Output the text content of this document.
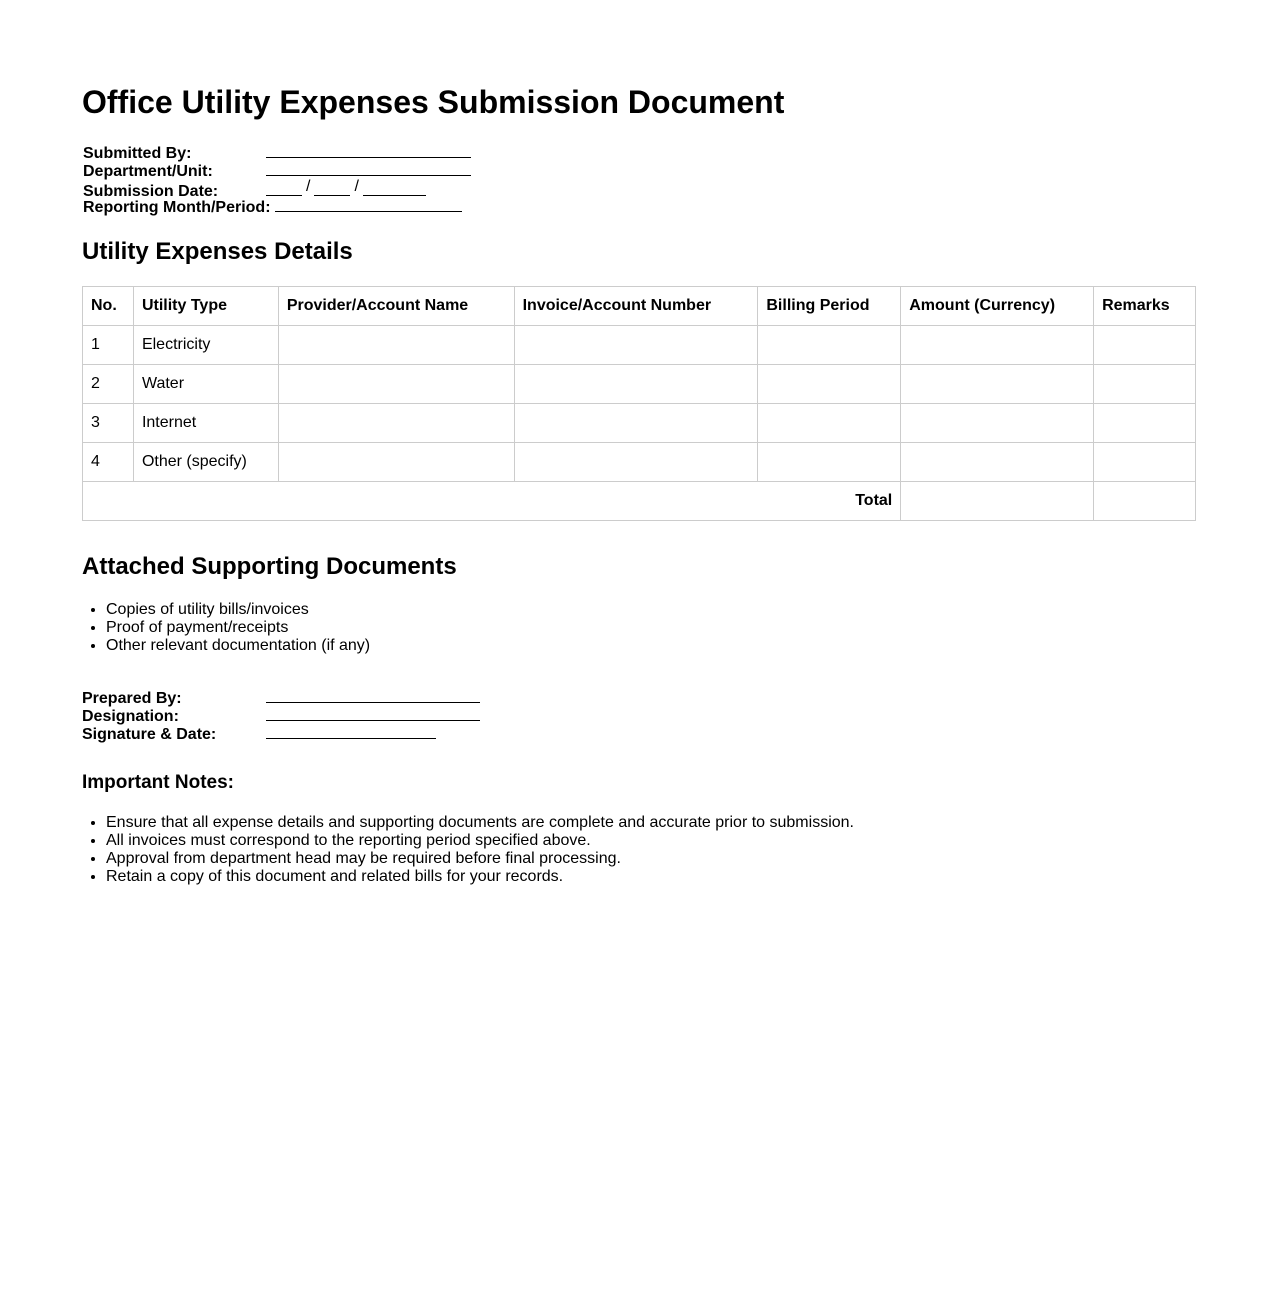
Office Utility Expenses Submission Document
Submitted By:
Department/Unit:
Submission Date:	/	/
Reporting Month/Period:
Utility Expenses Details
No.	Utility Type	Provider/Account Name	Invoice/Account Number	Billing Period	Amount (Currency)	Remarks
1	Electricity					
2	Water					
3	Internet					
4	Other (specify)					
Total						
Attached Supporting Documents
• Copies of utility bills/invoices
• Proof of payment/receipts
• Other relevant documentation (if any)
Prepared By:
Designation:
Signature & Date:
Important Notes:
• Ensure that all expense details and supporting documents are complete and accurate prior to submission.
• All invoices must correspond to the reporting period specified above.
• Approval from department head may be required before final processing.
• Retain a copy of this document and related bills for your records.
